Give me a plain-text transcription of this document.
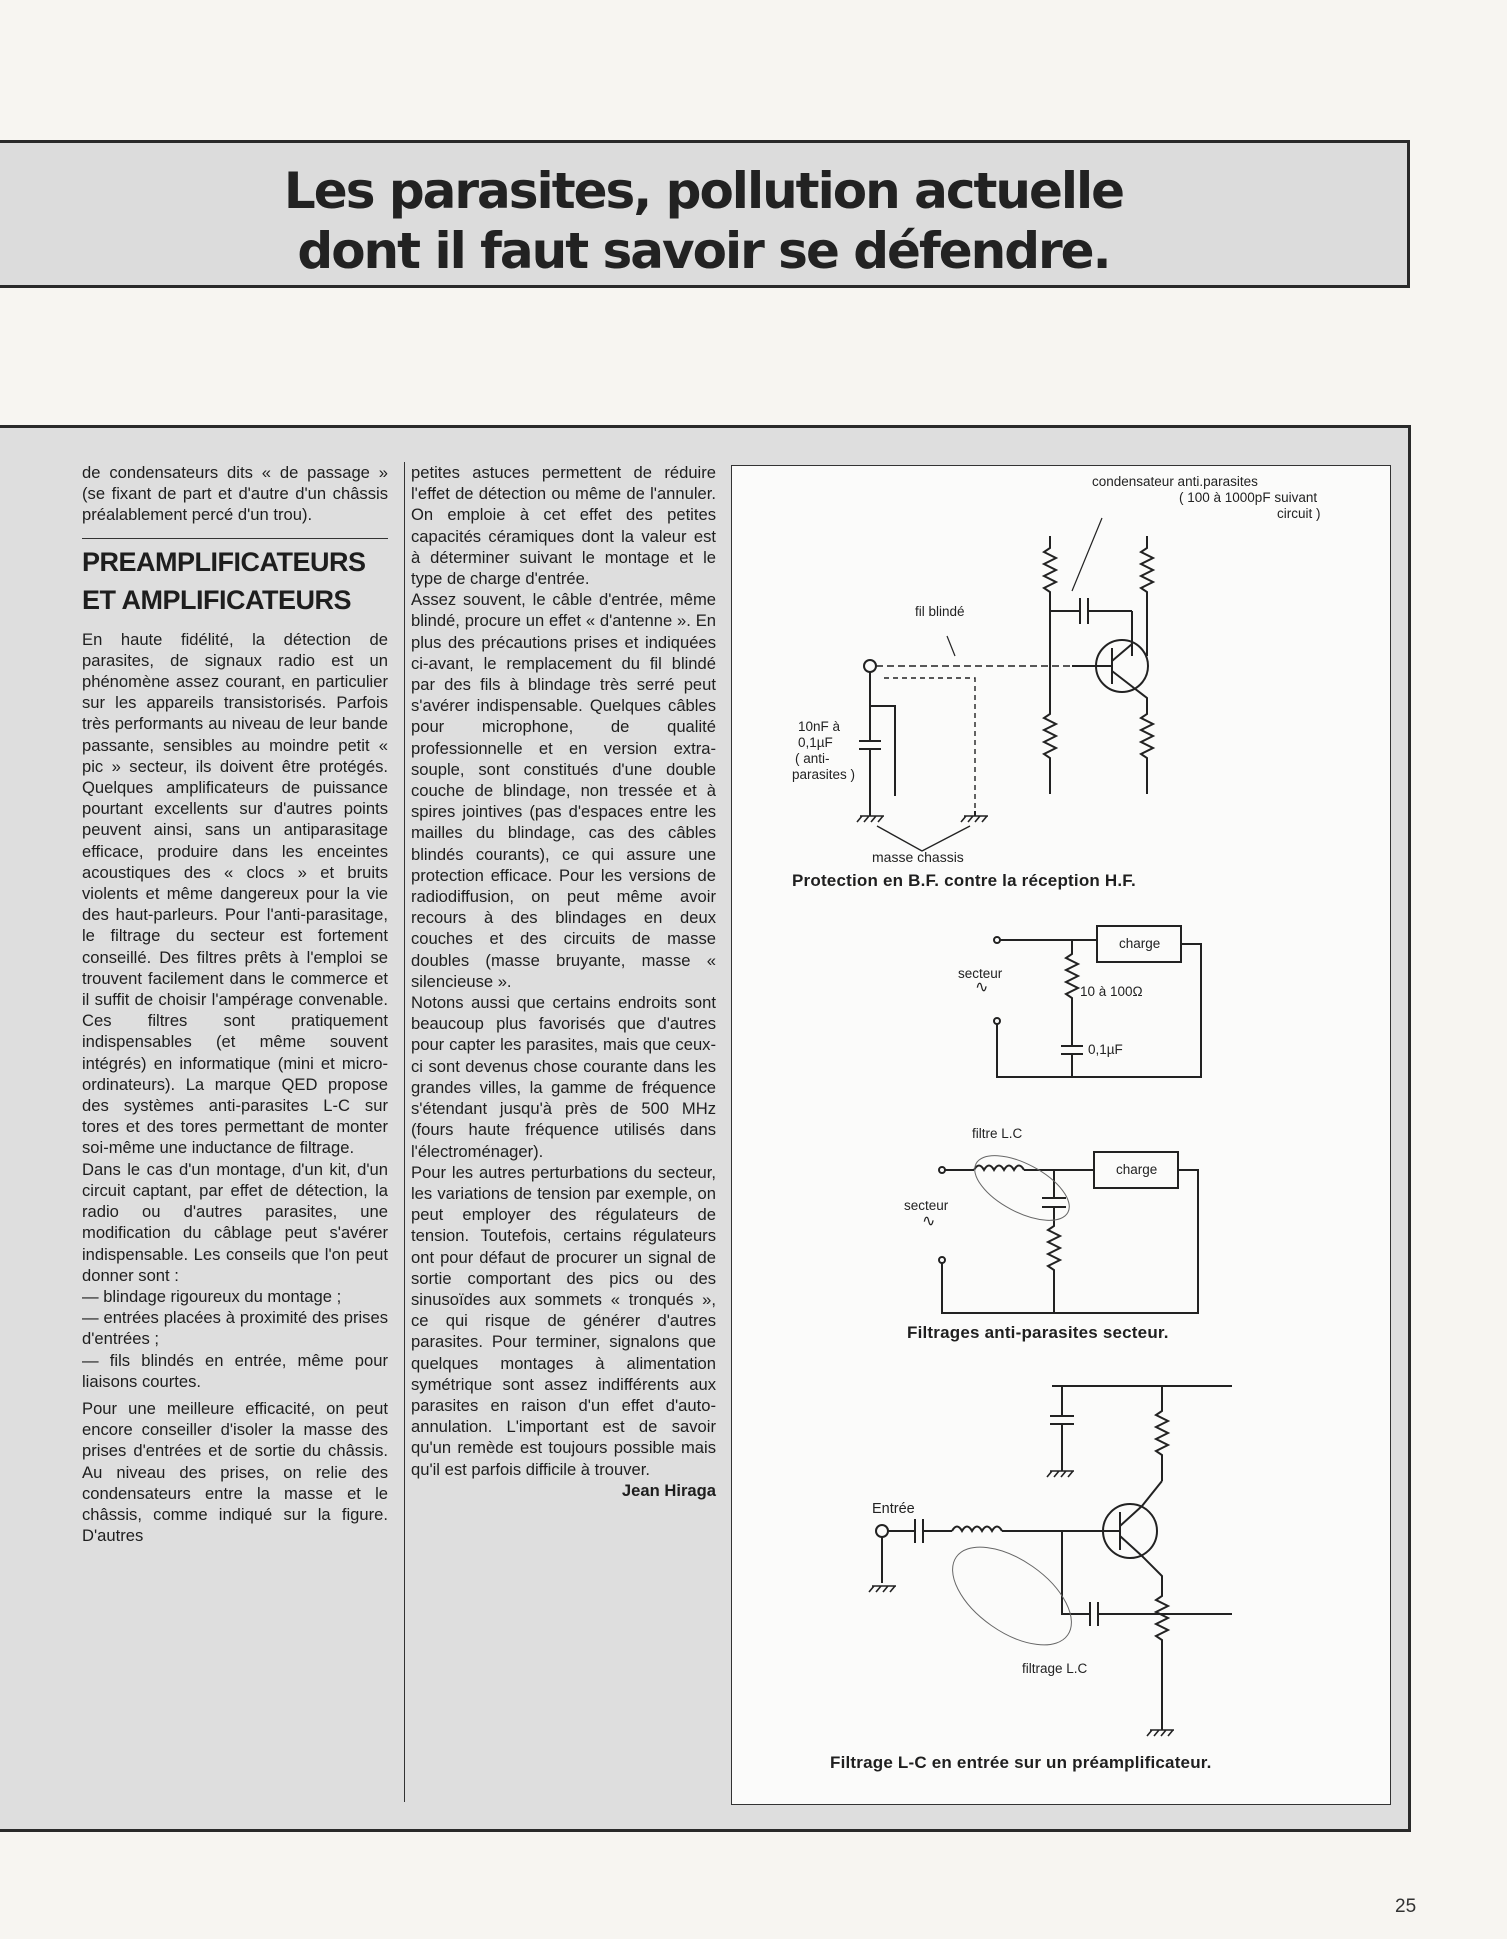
Les parasites, pollution actuelle
dont il faut savoir se défendre.

de condensateurs dits « de passage » (se fixant de part et d'autre d'un châssis préalablement percé d'un trou).

PREAMPLIFICATEURS
ET AMPLIFICATEURS

En haute fidélité, la détection de parasites, de signaux radio est un phénomène assez courant, en particulier sur les appareils transistorisés. Parfois très performants au niveau de leur bande passante, sensibles au moindre petit « pic » secteur, ils doivent être protégés. Quelques amplificateurs de puissance pourtant excellents sur d'autres points peuvent ainsi, sans un antiparasitage efficace, produire dans les enceintes acoustiques des « clocs » et bruits violents et même dangereux pour la vie des haut-parleurs. Pour l'anti-parasitage, le filtrage du secteur est fortement conseillé. Des filtres prêts à l'emploi se trouvent facilement dans le commerce et il suffit de choisir l'ampérage convenable. Ces filtres sont pratiquement indispensables (et même souvent intégrés) en informatique (mini et micro-ordinateurs). La marque QED propose des systèmes anti-parasites L-C sur tores et des tores permettant de monter soi-même une inductance de filtrage.

Dans le cas d'un montage, d'un kit, d'un circuit captant, par effet de détection, la radio ou d'autres parasites, une modification du câblage peut s'avérer indispensable. Les conseils que l'on peut donner sont :

— blindage rigoureux du montage ;

— entrées placées à proximité des prises d'entrées ;

— fils blindés en entrée, même pour liaisons courtes.

Pour une meilleure efficacité, on peut encore conseiller d'isoler la masse des prises d'entrées et de sortie du châssis. Au niveau des prises, on relie des condensateurs entre la masse et le châssis, comme indiqué sur la figure. D'autres

petites astuces permettent de réduire l'effet de détection ou même de l'annuler. On emploie à cet effet des petites capacités céramiques dont la valeur est à déterminer suivant le montage et le type de charge d'entrée.

Assez souvent, le câble d'entrée, même blindé, procure un effet « d'antenne ». En plus des précautions prises et indiquées ci-avant, le remplacement du fil blindé par des fils à blindage très serré peut s'avérer indispensable. Quelques câbles pour microphone, de qualité professionnelle et en version extra-souple, sont constitués d'une double couche de blindage, non tressée et à spires jointives (pas d'espaces entre les mailles du blindage, cas des câbles blindés courants), ce qui assure une protection efficace. Pour les versions de radiodiffusion, on peut même avoir recours à des blindages en deux couches et des circuits de masse doubles (masse bruyante, masse « silencieuse ».

Notons aussi que certains endroits sont beaucoup plus favorisés que d'autres pour capter les parasites, mais que ceux-ci sont devenus chose courante dans les grandes villes, la gamme de fréquence s'étendant jusqu'à près de 500 MHz (fours haute fréquence utilisés dans l'électroménager).

Pour les autres perturbations du secteur, les variations de tension par exemple, on peut employer des régulateurs de tension. Toutefois, certains régulateurs ont pour défaut de procurer un signal de sortie comportant des pics ou des sinusoïdes aux sommets « tronqués », ce qui risque de générer d'autres parasites. Pour terminer, signalons que quelques montages à alimentation symétrique sont assez indifférents aux parasites en raison d'un effet d'auto-annulation. L'important est de savoir qu'un remède est toujours possible mais qu'il est parfois difficile à trouver.
Jean Hiraga

condensateur anti.parasites
( 100 à 1000pF suivant
circuit )
fil blindé
10nF à
0,1µF
( anti-
parasites )
masse chassis
Protection en B.F. contre la réception H.F.
charge
secteur
∿	10 à 100Ω
0,1µF
filtre L.C
charge
secteur
∿
Filtrages anti-parasites secteur.
Entrée
filtrage L.C
Filtrage L-C en entrée sur un préamplificateur.
25
